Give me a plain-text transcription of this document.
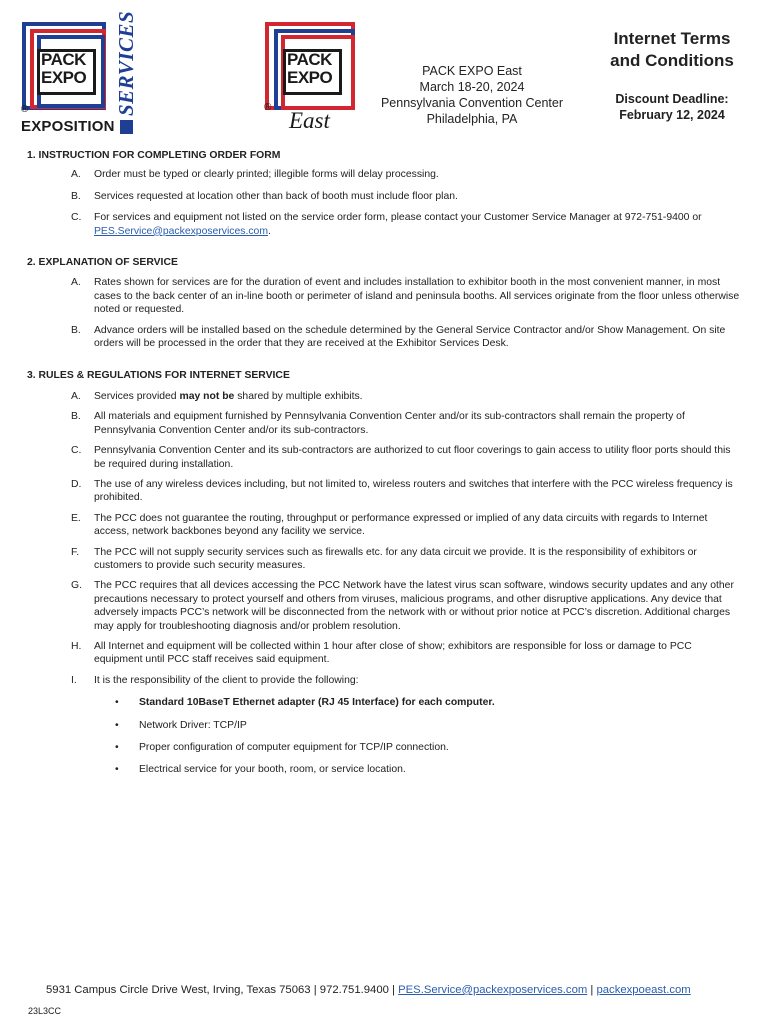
PACK
EXPO
®	SERVICES
EXPOSITION
PACK
EXPO
®
East
PACK EXPO East
March 18-20, 2024
Pennsylvania Convention Center
Philadelphia, PA
Internet Terms
and Conditions
Discount Deadline:
February 12, 2024

1. INSTRUCTION FOR COMPLETING ORDER FORM

A.	Order must be typed or clearly printed; illegible forms will delay processing.
B.	Services requested at location other than back of booth must include floor plan.
C.	For services and equipment not listed on the service order form, please contact your Customer Service Manager at 972-751-9400 or PES.Service@packexposervices.com.

2. EXPLANATION OF SERVICE

A.	Rates shown for services are for the duration of event and includes installation to exhibitor booth in the most convenient manner, in most cases to the back center of an in-line booth or perimeter of island and peninsula booths. All services originate from the floor unless otherwise noted or requested.
B.	Advance orders will be installed based on the schedule determined by the General Service Contractor and/or Show Management. On site orders will be processed in the order that they are received at the Exhibitor Services Desk.

3. RULES & REGULATIONS FOR INTERNET SERVICE

A.	Services provided may not be shared by multiple exhibits.
B.	All materials and equipment furnished by Pennsylvania Convention Center and/or its sub-contractors shall remain the property of Pennsylvania Convention Center and/or its sub-contractors.
C.	Pennsylvania Convention Center and its sub-contractors are authorized to cut floor coverings to gain access to utility floor ports should this be required during installation.
D.	The use of any wireless devices including, but not limited to, wireless routers and switches that interfere with the PCC wireless frequency is prohibited.
E.	The PCC does not guarantee the routing, throughput or performance expressed or implied of any data circuits with regards to Internet access, network backbones beyond any facility we service.
F.	The PCC will not supply security services such as firewalls etc. for any data circuit we provide. It is the responsibility of exhibitors or customers to provide such security measures.
G.	The PCC requires that all devices accessing the PCC Network have the latest virus scan software, windows security updates and any other precautions necessary to protect yourself and others from viruses, malicious programs, and other disruptive applications. Any device that adversely impacts PCC’s network will be disconnected from the network with or without prior notice at PCC’s discretion. Additional charges may apply for troubleshooting diagnosis and/or problem resolution.
H.	All Internet and equipment will be collected within 1 hour after close of show; exhibitors are responsible for loss or damage to PCC equipment until PCC staff receives said equipment.
I.	It is the responsibility of the client to provide the following:
•	Standard 10BaseT Ethernet adapter (RJ 45 Interface) for each computer.
•	Network Driver: TCP/IP
•	Proper configuration of computer equipment for TCP/IP connection.
•	Electrical service for your booth, room, or service location.
5931 Campus Circle Drive West, Irving, Texas 75063 | 972.751.9400 | PES.Service@packexposervices.com | packexpoeast.com
23L3CC
